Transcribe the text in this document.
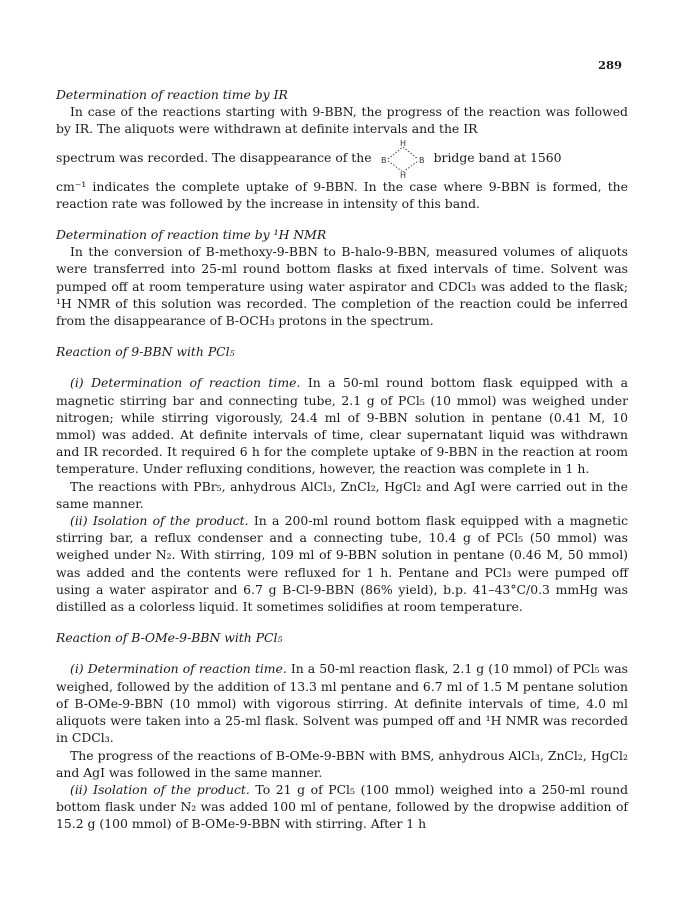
289

Determination of reaction time by IR

In case of the reactions starting with 9-BBN, the progress of the reaction was followed by IR. The aliquots were withdrawn at definite intervals and the IR

spectrum was recorded. The disappearance of the B	B
H
H
bridge band at 1560

cm⁻¹ indicates the complete uptake of 9-BBN. In the case where 9-BBN is formed, the reaction rate was followed by the increase in intensity of this band.

Determination of reaction time by ¹H NMR

In the conversion of B-methoxy-9-BBN to B-halo-9-BBN, measured volumes of aliquots were transferred into 25-ml round bottom flasks at fixed intervals of time. Solvent was pumped off at room temperature using water aspirator and CDCl₃ was added to the flask; ¹H NMR of this solution was recorded. The completion of the reaction could be inferred from the disappearance of B-OCH₃ protons in the spectrum.

Reaction of 9-BBN with PCl₅

(i) Determination of reaction time. In a 50-ml round bottom flask equipped with a magnetic stirring bar and connecting tube, 2.1 g of PCl₅ (10 mmol) was weighed under nitrogen; while stirring vigorously, 24.4 ml of 9-BBN solution in pentane (0.41 M, 10 mmol) was added. At definite intervals of time, clear supernatant liquid was withdrawn and IR recorded. It required 6 h for the complete uptake of 9-BBN in the reaction at room temperature. Under refluxing conditions, however, the reaction was complete in 1 h.

The reactions with PBr₅, anhydrous AlCl₃, ZnCl₂, HgCl₂ and AgI were carried out in the same manner.

(ii) Isolation of the product. In a 200-ml round bottom flask equipped with a magnetic stirring bar, a reflux condenser and a connecting tube, 10.4 g of PCl₅ (50 mmol) was weighed under N₂. With stirring, 109 ml of 9-BBN solution in pentane (0.46 M, 50 mmol) was added and the contents were refluxed for 1 h. Pentane and PCl₃ were pumped off using a water aspirator and 6.7 g B-Cl-9-BBN (86% yield), b.p. 41–43°C/0.3 mmHg was distilled as a colorless liquid. It sometimes solidifies at room temperature.

Reaction of B-OMe-9-BBN with PCl₅

(i) Determination of reaction time. In a 50-ml reaction flask, 2.1 g (10 mmol) of PCl₅ was weighed, followed by the addition of 13.3 ml pentane and 6.7 ml of 1.5 M pentane solution of B-OMe-9-BBN (10 mmol) with vigorous stirring. At definite intervals of time, 4.0 ml aliquots were taken into a 25-ml flask. Solvent was pumped off and ¹H NMR was recorded in CDCl₃.

The progress of the reactions of B-OMe-9-BBN with BMS, anhydrous AlCl₃, ZnCl₂, HgCl₂ and AgI was followed in the same manner.

(ii) Isolation of the product. To 21 g of PCl₅ (100 mmol) weighed into a 250-ml round bottom flask under N₂ was added 100 ml of pentane, followed by the dropwise addition of 15.2 g (100 mmol) of B-OMe-9-BBN with stirring. After 1 h
